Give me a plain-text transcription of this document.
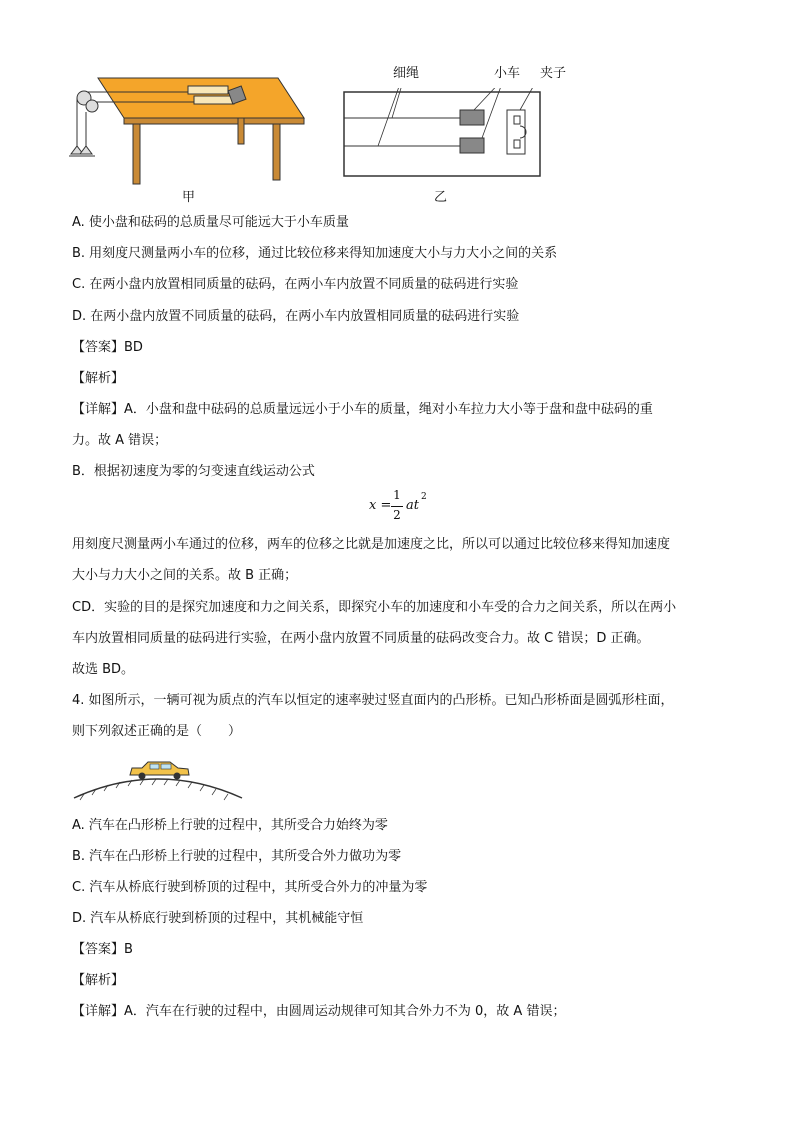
甲
细绳	小车 夹子
乙
A. 使小盘和砝码的总质量尽可能远大于小车质量
B. 用刻度尺测量两小车的位移，通过比较位移来得知加速度大小与力大小之间的关系
C. 在两小盘内放置相同质量的砝码，在两小车内放置不同质量的砝码进行实验
D. 在两小盘内放置不同质量的砝码，在两小车内放置相同质量的砝码进行实验
【答案】BD
【解析】
【详解】A．小盘和盘中砝码的总质量远远小于小车的质量，绳对小车拉力大小等于盘和盘中砝码的重
力。故 A 错误；
B．根据初速度为零的匀变速直线运动公式
x =
1
2
at
2
用刻度尺测量两小车通过的位移，两车的位移之比就是加速度之比，所以可以通过比较位移来得知加速度
大小与力大小之间的关系。故 B 正确；
CD．实验的目的是探究加速度和力之间关系，即探究小车的加速度和小车受的合力之间关系，所以在两小
车内放置相同质量的砝码进行实验，在两小盘内放置不同质量的砝码改变合力。故 C 错误；D 正确。
故选 BD。
4. 如图所示，一辆可视为质点的汽车以恒定的速率驶过竖直面内的凸形桥。已知凸形桥面是圆弧形柱面，
则下列叙述正确的是（　　）
A. 汽车在凸形桥上行驶的过程中，其所受合力始终为零
B. 汽车在凸形桥上行驶的过程中，其所受合外力做功为零
C. 汽车从桥底行驶到桥顶的过程中，其所受合外力的冲量为零
D. 汽车从桥底行驶到桥顶的过程中，其机械能守恒
【答案】B
【解析】
【详解】A．汽车在行驶的过程中，由圆周运动规律可知其合外力不为 0，故 A 错误；
